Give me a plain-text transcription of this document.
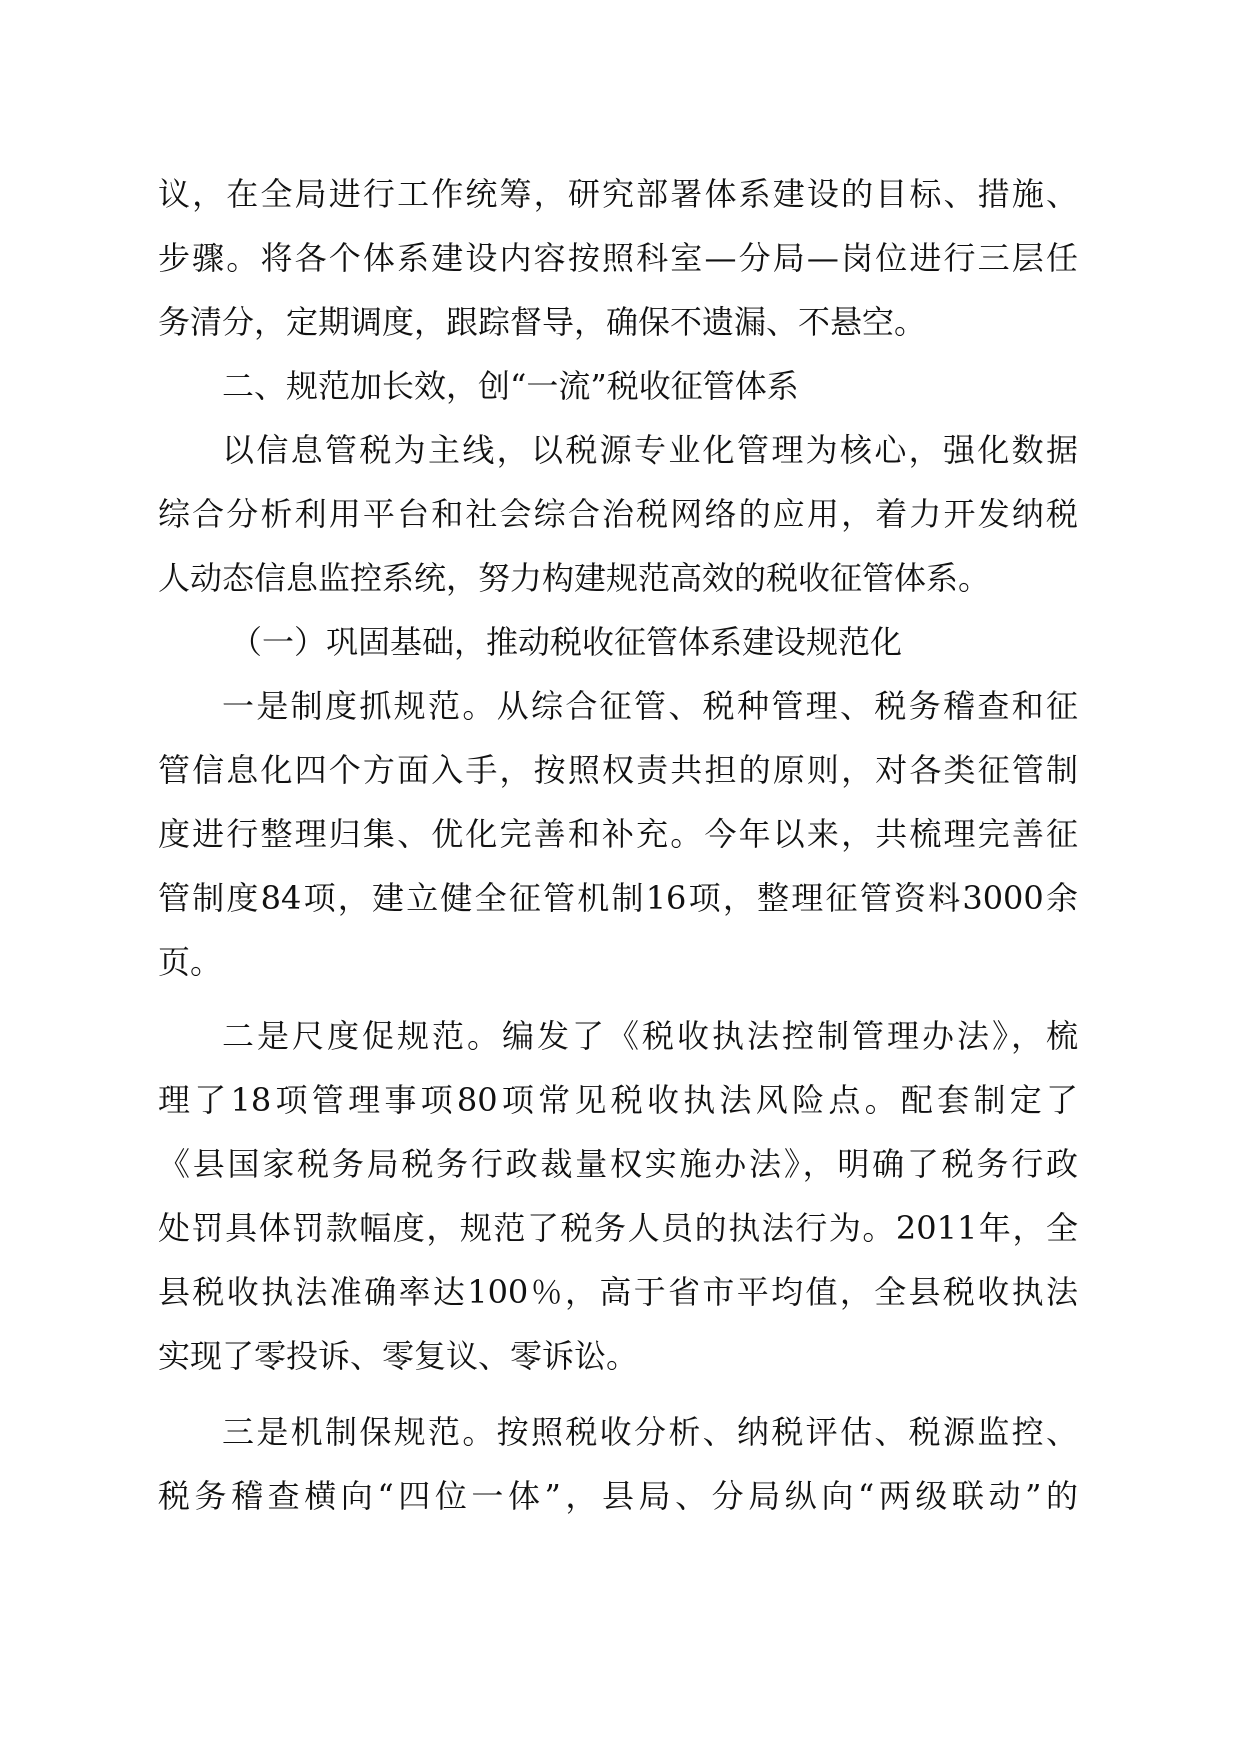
议，在全局进行工作统筹，研究部署体系建设的目标、措施、
步骤。将各个体系建设内容按照科室—分局—岗位进行三层任
务清分，定期调度，跟踪督导，确保不遗漏、不悬空。

二、规范加长效，创“一流”税收征管体系

以信息管税为主线，以税源专业化管理为核心，强化数据
综合分析利用平台和社会综合治税网络的应用，着力开发纳税
人动态信息监控系统，努力构建规范高效的税收征管体系。

（一）巩固基础，推动税收征管体系建设规范化

一是制度抓规范。从综合征管、税种管理、税务稽查和征
管信息化四个方面入手，按照权责共担的原则，对各类征管制
度进行整理归集、优化完善和补充。今年以来，共梳理完善征
管制度84项，建立健全征管机制16项，整理征管资料3000余
页。

二是尺度促规范。编发了《税收执法控制管理办法》，梳
理了18项管理事项80项常见税收执法风险点。配套制定了
《县国家税务局税务行政裁量权实施办法》，明确了税务行政
处罚具体罚款幅度，规范了税务人员的执法行为。2011年，全
县税收执法准确率达100％，高于省市平均值，全县税收执法
实现了零投诉、零复议、零诉讼。

三是机制保规范。按照税收分析、纳税评估、税源监控、
税务稽查横向“四位一体”，县局、分局纵向“两级联动”的
